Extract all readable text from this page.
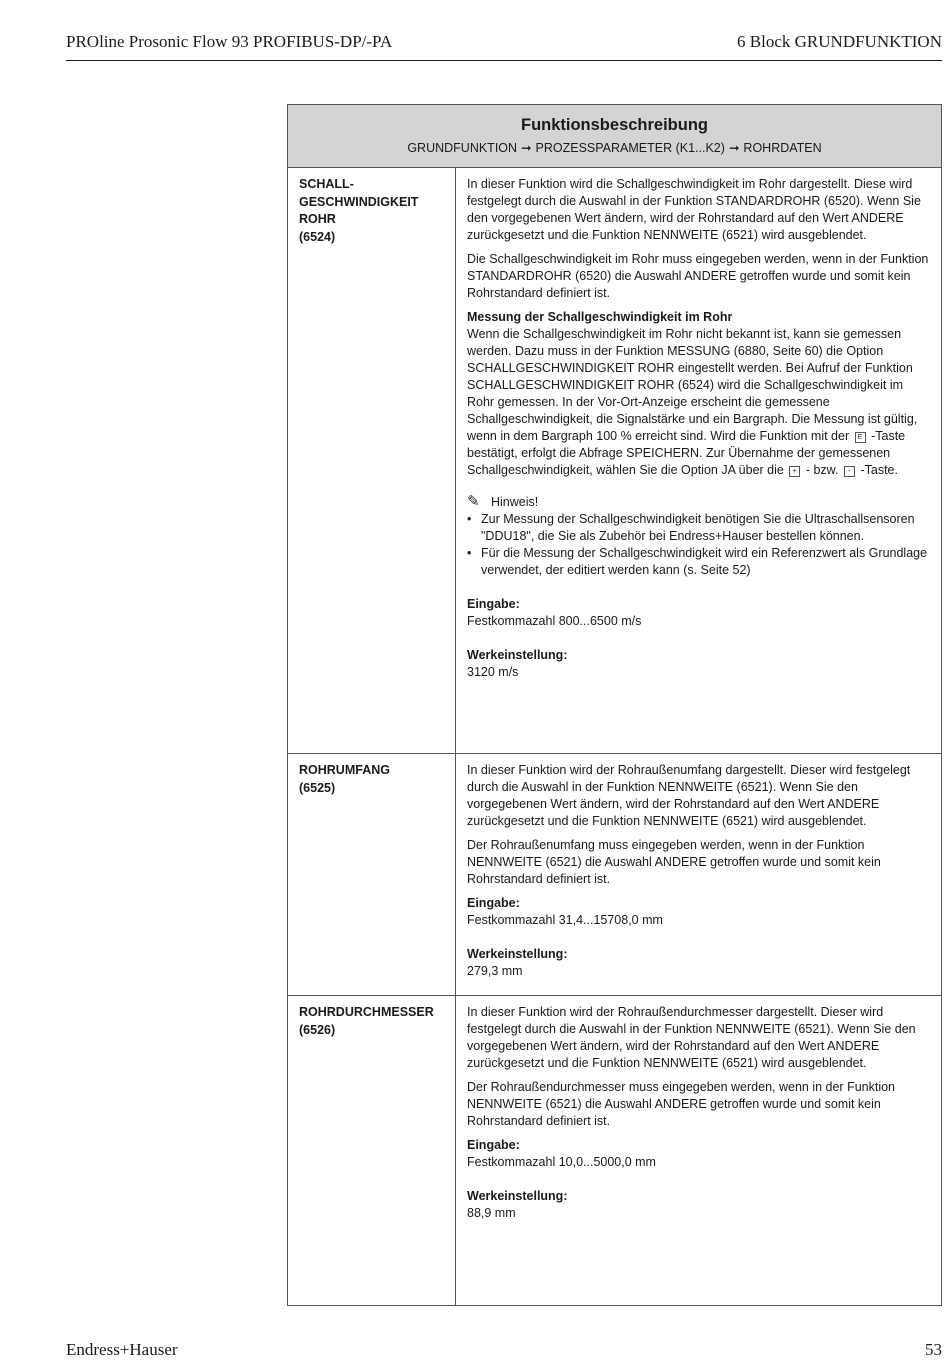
PROline Prosonic Flow 93 PROFIBUS-DP/-PA	6 Block GRUNDFUNKTION
Funktionsbeschreibung
GRUNDFUNKTION ➞ PROZESSPARAMETER (K1...K2) ➞ ROHRDATEN
SCHALL-
GESCHWINDIGKEIT
ROHR
(6524)

In dieser Funktion wird die Schallgeschwindigkeit im Rohr dargestellt. Diese wird festgelegt durch die Auswahl in der Funktion STANDARDROHR (6520). Wenn Sie den vorgegebenen Wert ändern, wird der Rohrstandard auf den Wert ANDERE zurückgesetzt und die Funktion NENNWEITE (6521) wird ausgeblendet.

Die Schallgeschwindigkeit im Rohr muss eingegeben werden, wenn in der Funktion STANDARDROHR (6520) die Auswahl ANDERE getroffen wurde und somit kein Rohrstandard definiert ist.

Messung der Schallgeschwindigkeit im Rohr
Wenn die Schallgeschwindigkeit im Rohr nicht bekannt ist, kann sie gemessen werden. Dazu muss in der Funktion MESSUNG (6880, Seite 60) die Option SCHALLGESCHWINDIGKEIT ROHR eingestellt werden. Bei Aufruf der Funktion SCHALLGESCHWINDIGKEIT ROHR (6524) wird die Schallgeschwindigkeit im Rohr gemessen. In der Vor-Ort-Anzeige erscheint die gemessene Schallgeschwindigkeit, die Signalstärke und ein Bargraph. Die Messung ist gültig, wenn in dem Bargraph 100 % erreicht sind. Wird die Funktion mit der E -Taste bestätigt, erfolgt die Abfrage SPEICHERN. Zur Übernahme der gemessenen Schallgeschwindigkeit, wählen Sie die Option JA über die + - bzw. - -Taste.
✎ Hinweis!
• Zur Messung der Schallgeschwindigkeit benötigen Sie die Ultraschallsensoren "DDU18", die Sie als Zubehör bei Endress+Hauser bestellen können.
• Für die Messung der Schallgeschwindigkeit wird ein Referenzwert als Grundlage verwendet, der editiert werden kann (s. Seite 52)
Eingabe:
Festkommazahl 800...6500 m/s
Werkeinstellung:
3120 m/s
ROHRUMFANG
(6525)

In dieser Funktion wird der Rohraußenumfang dargestellt. Dieser wird festgelegt durch die Auswahl in der Funktion NENNWEITE (6521). Wenn Sie den vorgegebenen Wert ändern, wird der Rohrstandard auf den Wert ANDERE zurückgesetzt und die Funktion NENNWEITE (6521) wird ausgeblendet.

Der Rohraußenumfang muss eingegeben werden, wenn in der Funktion NENNWEITE (6521) die Auswahl ANDERE getroffen wurde und somit kein Rohrstandard definiert ist.

Eingabe:
Festkommazahl 31,4...15708,0 mm
Werkeinstellung:
279,3 mm
ROHRDURCHMESSER
(6526)

In dieser Funktion wird der Rohraußendurchmesser dargestellt. Dieser wird festgelegt durch die Auswahl in der Funktion NENNWEITE (6521). Wenn Sie den vorgegebenen Wert ändern, wird der Rohrstandard auf den Wert ANDERE zurückgesetzt und die Funktion NENNWEITE (6521) wird ausgeblendet.

Der Rohraußendurchmesser muss eingegeben werden, wenn in der Funktion NENNWEITE (6521) die Auswahl ANDERE getroffen wurde und somit kein Rohrstandard definiert ist.

Eingabe:
Festkommazahl 10,0...5000,0 mm
Werkeinstellung:
88,9 mm
Endress+Hauser	53
